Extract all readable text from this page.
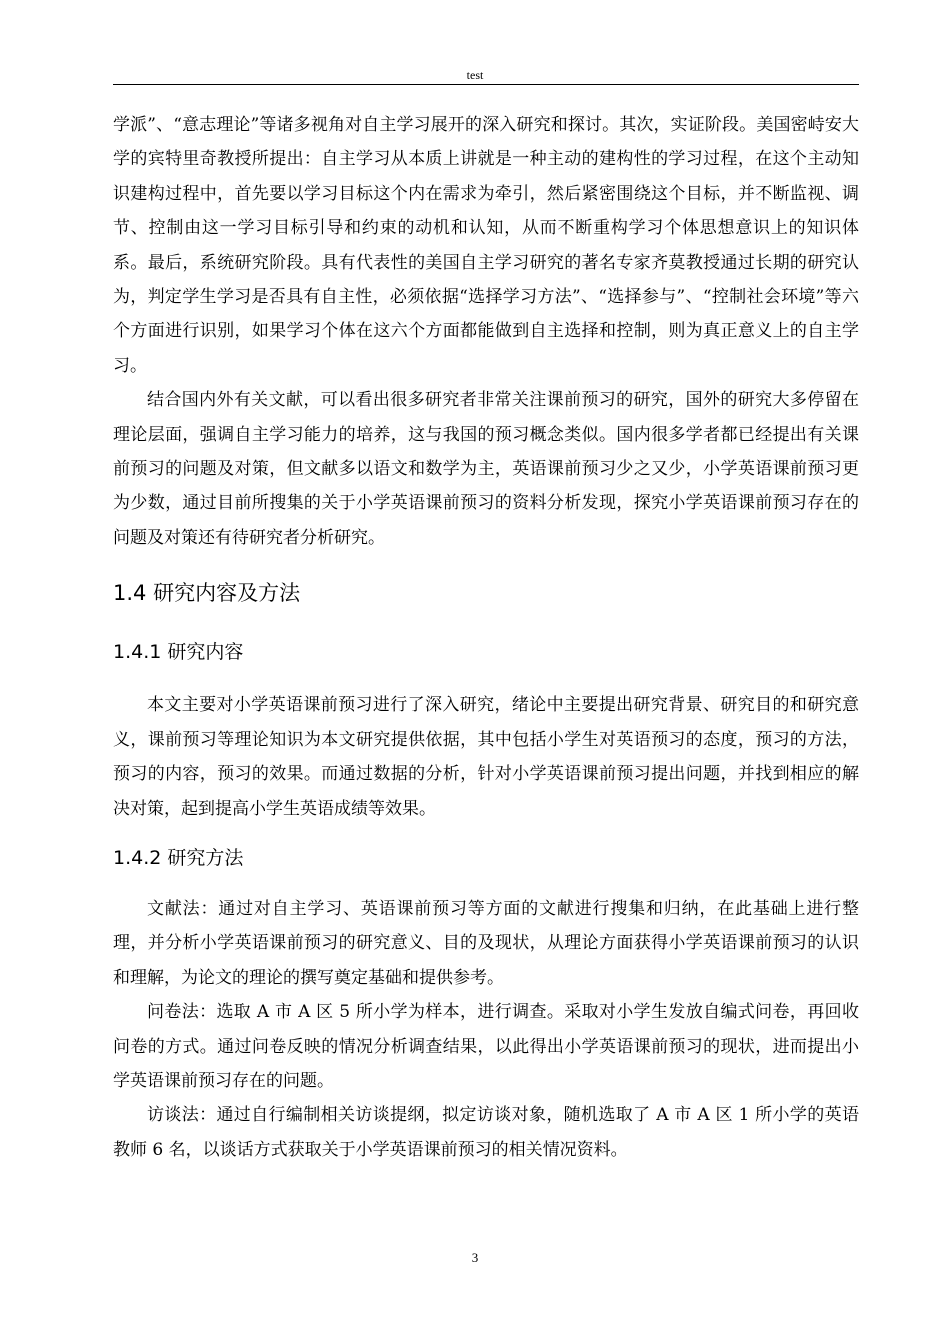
test

学派”、“意志理论”等诸多视角对自主学习展开的深入研究和探讨。其次，实证阶段。美国密峙安大学的宾特里奇教授所提出：自主学习从本质上讲就是一种主动的建构性的学习过程，在这个主动知识建构过程中，首先要以学习目标这个内在需求为牵引，然后紧密围绕这个目标，并不断监视、调节、控制由这一学习目标引导和约束的动机和认知，从而不断重构学习个体思想意识上的知识体系。最后，系统研究阶段。具有代表性的美国自主学习研究的著名专家齐莫教授通过长期的研究认为，判定学生学习是否具有自主性，必须依据“选择学习方法”、“选择参与”、“控制社会环境”等六个方面进行识别，如果学习个体在这六个方面都能做到自主选择和控制，则为真正意义上的自主学习。

结合国内外有关文献，可以看出很多研究者非常关注课前预习的研究，国外的研究大多停留在理论层面，强调自主学习能力的培养，这与我国的预习概念类似。国内很多学者都已经提出有关课前预习的问题及对策，但文献多以语文和数学为主，英语课前预习少之又少，小学英语课前预习更为少数，通过目前所搜集的关于小学英语课前预习的资料分析发现，探究小学英语课前预习存在的问题及对策还有待研究者分析研究。

1.4 研究内容及方法
1.4.1 研究内容

本文主要对小学英语课前预习进行了深入研究，绪论中主要提出研究背景、研究目的和研究意义，课前预习等理论知识为本文研究提供依据，其中包括小学生对英语预习的态度，预习的方法，预习的内容，预习的效果。而通过数据的分析，针对小学英语课前预习提出问题，并找到相应的解决对策，起到提高小学生英语成绩等效果。

1.4.2 研究方法

文献法：通过对自主学习、英语课前预习等方面的文献进行搜集和归纳，在此基础上进行整理，并分析小学英语课前预习的研究意义、目的及现状，从理论方面获得小学英语课前预习的认识和理解，为论文的理论的撰写奠定基础和提供参考。

问卷法：选取 A 市 A 区 5 所小学为样本，进行调查。采取对小学生发放自编式问卷，再回收问卷的方式。通过问卷反映的情况分析调查结果，以此得出小学英语课前预习的现状，进而提出小学英语课前预习存在的问题。

访谈法：通过自行编制相关访谈提纲，拟定访谈对象，随机选取了 A 市 A 区 1 所小学的英语教师 6 名，以谈话方式获取关于小学英语课前预习的相关情况资料。

3
